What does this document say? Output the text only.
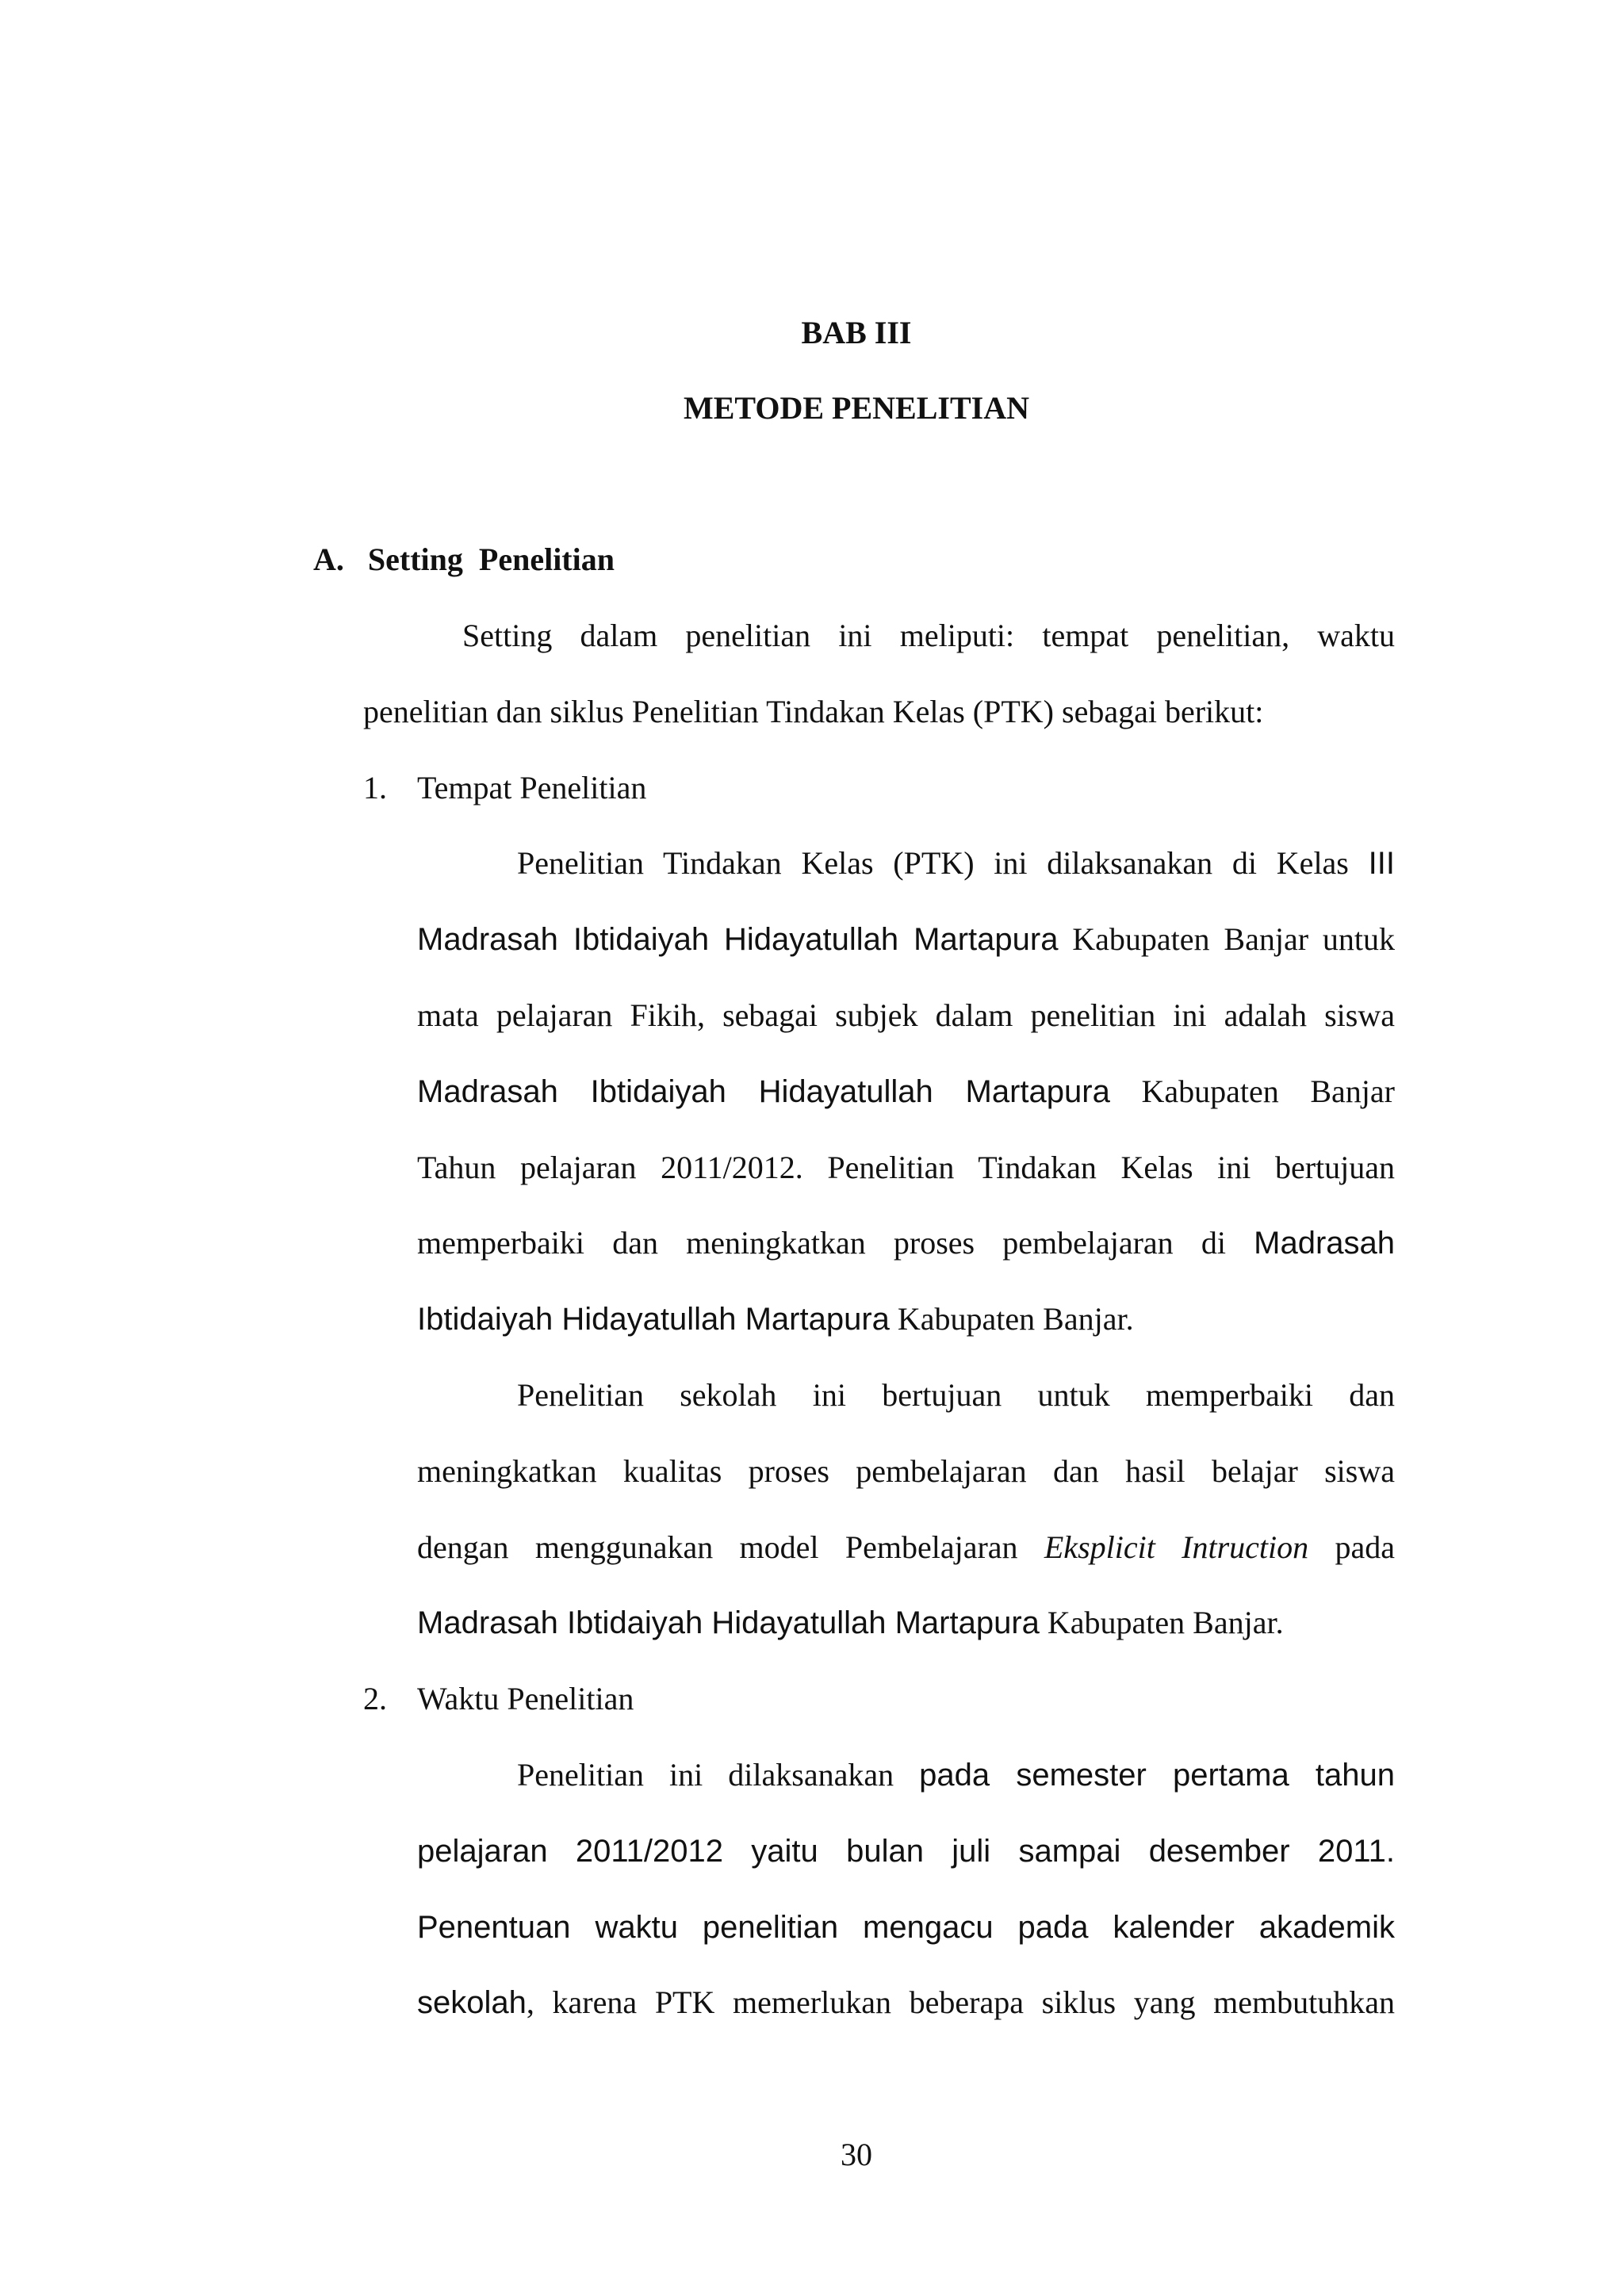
BAB III
METODE PENELITIAN
A.   Setting  Penelitian
Setting dalam penelitian ini meliputi: tempat penelitian, waktu
penelitian dan siklus Penelitian Tindakan Kelas (PTK) sebagai berikut:
1. Tempat Penelitian
Penelitian Tindakan Kelas (PTK) ini dilaksanakan di Kelas III
Madrasah Ibtidaiyah Hidayatullah Martapura Kabupaten Banjar untuk
mata pelajaran Fikih, sebagai subjek dalam penelitian ini adalah siswa
Madrasah Ibtidaiyah Hidayatullah Martapura Kabupaten Banjar
Tahun pelajaran 2011/2012. Penelitian Tindakan Kelas ini bertujuan
memperbaiki dan meningkatkan proses pembelajaran di Madrasah
Ibtidaiyah Hidayatullah Martapura Kabupaten Banjar.
Penelitian sekolah ini bertujuan untuk memperbaiki dan
meningkatkan kualitas proses pembelajaran dan hasil belajar siswa
dengan menggunakan model Pembelajaran Eksplicit Intruction pada
Madrasah Ibtidaiyah Hidayatullah Martapura Kabupaten Banjar.
2. Waktu Penelitian
Penelitian ini dilaksanakan pada semester pertama tahun
pelajaran 2011/2012 yaitu bulan juli sampai desember 2011.
Penentuan waktu penelitian mengacu pada kalender akademik
sekolah, karena PTK memerlukan beberapa siklus yang membutuhkan
30
